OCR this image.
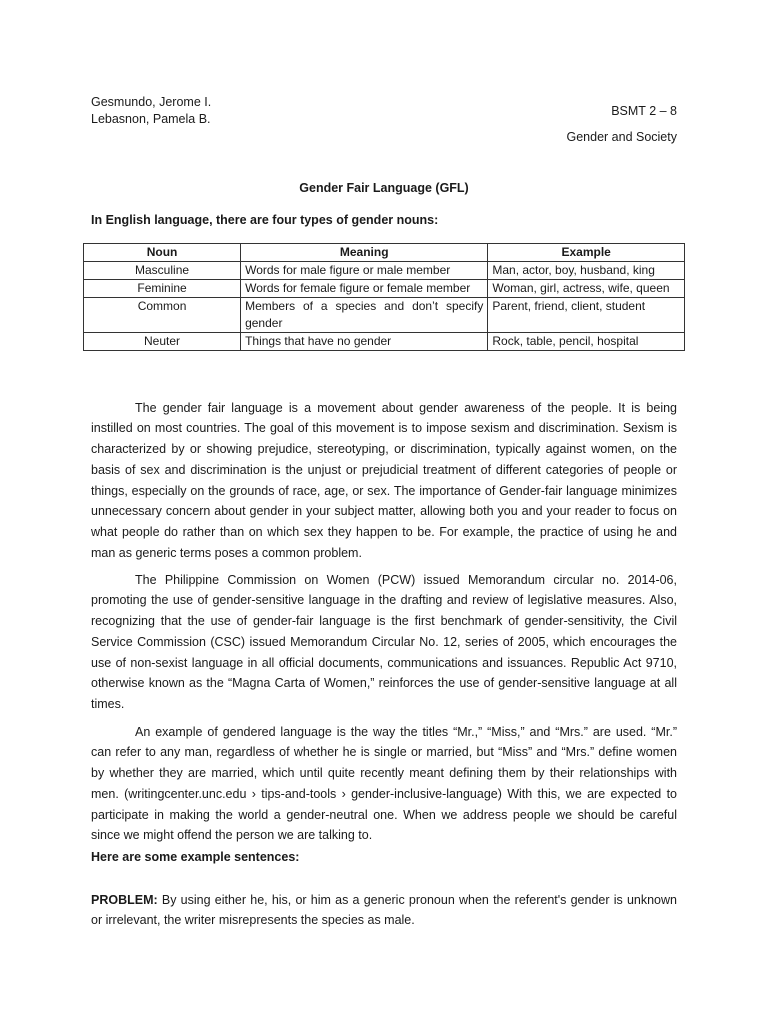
Gesmundo, Jerome I.
Lebasnon, Pamela B.
BSMT 2 – 8
Gender and Society
Gender Fair Language (GFL)
In English language, there are four types of gender nouns:
Noun	Meaning	Example
Masculine	Words for male figure or male member	Man, actor, boy, husband, king
Feminine	Words for female figure or female member	Woman, girl, actress, wife, queen
Common	Members of a species and don’t specify gender	Parent, friend, client, student
Neuter	Things that have no gender	Rock, table, pencil, hospital

The gender fair language is a movement about gender awareness of the people. It is being instilled on most countries. The goal of this movement is to impose sexism and discrimination. Sexism is characterized by or showing prejudice, stereotyping, or discrimination, typically against women, on the basis of sex and discrimination is the unjust or prejudicial treatment of different categories of people or things, especially on the grounds of race, age, or sex. The importance of Gender-fair language minimizes unnecessary concern about gender in your subject matter, allowing both you and your reader to focus on what people do rather than on which sex they happen to be. For example, the practice of using he and man as generic terms poses a common problem.

The Philippine Commission on Women (PCW) issued Memorandum circular no. 2014-06, promoting the use of gender-sensitive language in the drafting and review of legislative measures. Also, recognizing that the use of gender-fair language is the first benchmark of gender-sensitivity, the Civil Service Commission (CSC) issued Memorandum Circular No. 12, series of 2005, which encourages the use of non-sexist language in all official documents, communications and issuances. Republic Act 9710, otherwise known as the “Magna Carta of Women,” reinforces the use of gender-sensitive language at all times.

An example of gendered language is the way the titles “Mr.,” “Miss,” and “Mrs.” are used. “Mr.” can refer to any man, regardless of whether he is single or married, but “Miss” and “Mrs.” define women by whether they are married, which until quite recently meant defining them by their relationships with men. (writingcenter.unc.edu › tips-and-tools › gender-inclusive-language) With this, we are expected to participate in making the world a gender-neutral one. When we address people we should be careful since we might offend the person we are talking to.

Here are some example sentences:

PROBLEM: By using either he, his, or him as a generic pronoun when the referent's gender is unknown or irrelevant, the writer misrepresents the species as male.
